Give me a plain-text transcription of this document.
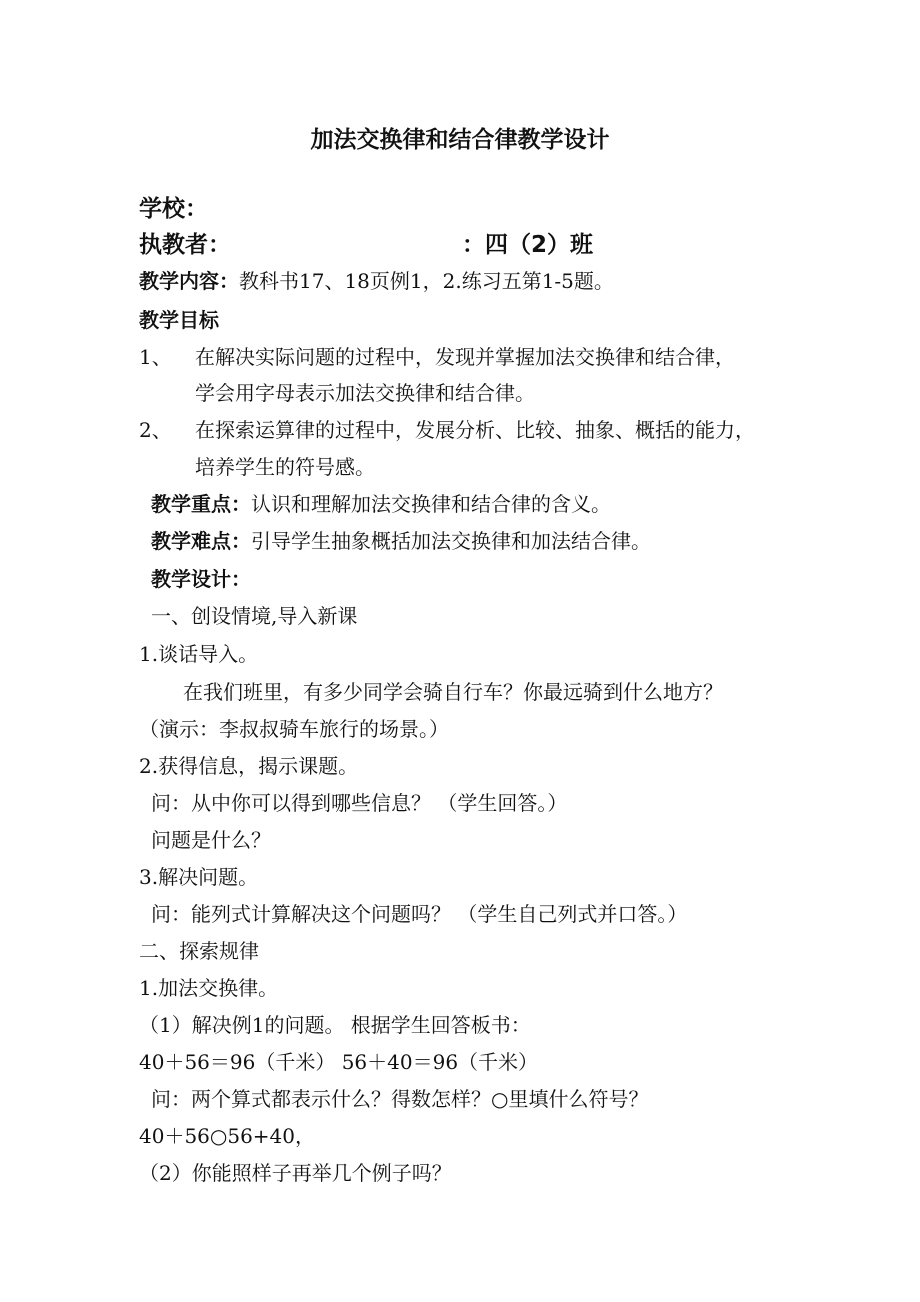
加法交换律和结合律教学设计
学校：
执教者：	：四（2）班
教学内容：教科书17、18页例1，2.练习五第1-5题。
教学目标
1、 在解决实际问题的过程中，发现并掌握加法交换律和结合律，
学会用字母表示加法交换律和结合律。
2、 在探索运算律的过程中，发展分析、比较、抽象、概括的能力，
培养学生的符号感。
教学重点：认识和理解加法交换律和结合律的含义。
教学难点：引导学生抽象概括加法交换律和加法结合律。
教学设计：
一、创设情境,导入新课
1.谈话导入。
在我们班里，有多少同学会骑自行车？你最远骑到什么地方？
（演示：李叔叔骑车旅行的场景。）
2.获得信息，揭示课题。
问：从中你可以得到哪些信息？ （学生回答。）
问题是什么？
3.解决问题。
问：能列式计算解决这个问题吗？ （学生自己列式并口答。）
二、探索规律
1.加法交换律。
（1）解决例1的问题。 根据学生回答板书：
40＋56＝96（千米） 56＋40＝96（千米）
问：两个算式都表示什么？得数怎样？○里填什么符号？
40＋56○56+40，
（2）你能照样子再举几个例子吗？
